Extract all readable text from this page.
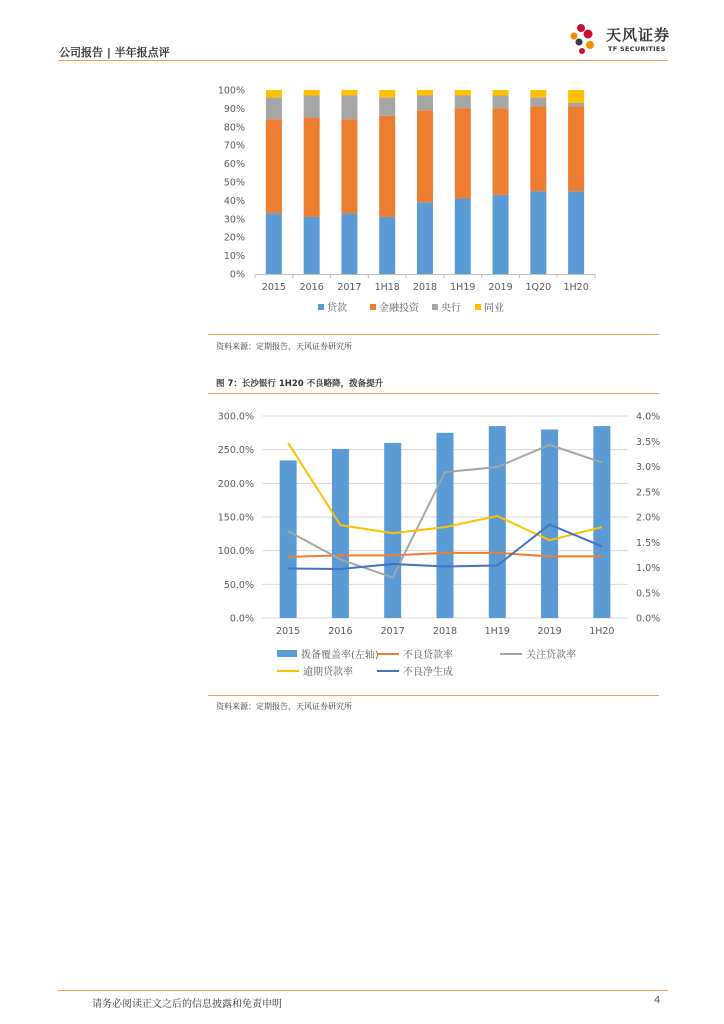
公司报告 | 半年报点评
天风证券
TF SECURITIES
0%
10%
20%
30%
40%
50%
60%
70%
80%
90%
100%
2015 2016 2017 1H18 2018 1H19 2019 1Q20 1H20
贷款	金融投资 央行 同业
资料来源：定期报告，天风证券研究所
图 7：长沙银行 1H20 不良略降，拨备提升
0.0%
50.0%
100.0%
150.0%
200.0%
250.0%
300.0%
0.0%
0.5%
1.0%
1.5%
2.0%
2.5%
3.0%
3.5%
4.0%
2015	2016	2017	2018	1H19	2019	1H20
拨备覆盖率(左轴) 不良贷款率	关注贷款率
逾期贷款率	不良净生成
资料来源：定期报告，天风证券研究所
请务必阅读正文之后的信息披露和免责申明	4
